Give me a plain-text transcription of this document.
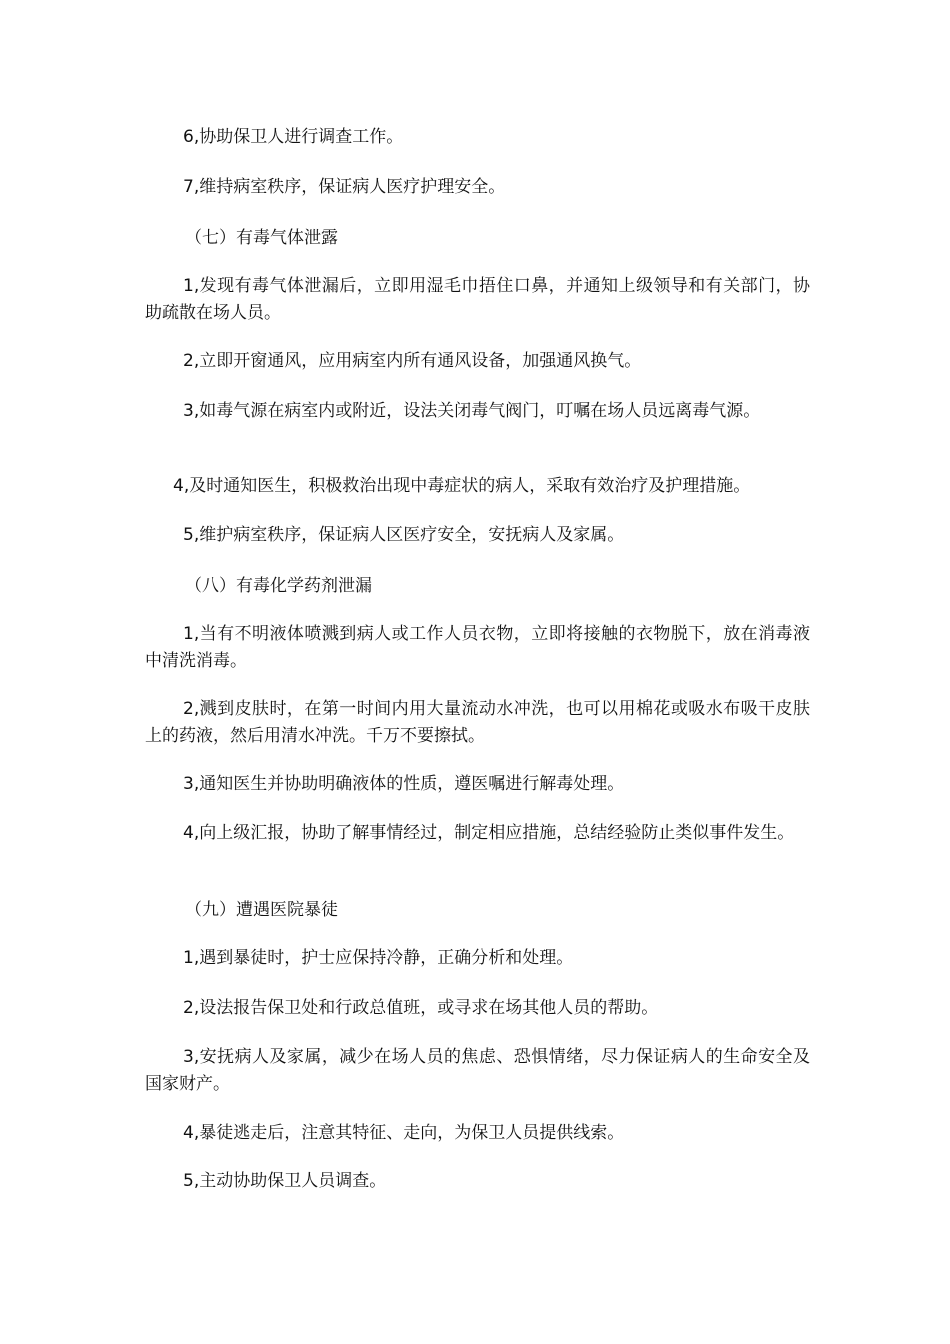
6,协助保卫人进行调查工作。

7,维持病室秩序，保证病人医疗护理安全。

（七）有毒气体泄露

1,发现有毒气体泄漏后，立即用湿毛巾捂住口鼻，并通知上级领导和有关部门，协助疏散在场人员。

2,立即开窗通风，应用病室内所有通风设备，加强通风换气。

3,如毒气源在病室内或附近，设法关闭毒气阀门，叮嘱在场人员远离毒气源。

4,及时通知医生，积极救治出现中毒症状的病人，采取有效治疗及护理措施。

5,维护病室秩序，保证病人区医疗安全，安抚病人及家属。

（八）有毒化学药剂泄漏

1,当有不明液体喷溅到病人或工作人员衣物，立即将接触的衣物脱下，放在消毒液中清洗消毒。

2,溅到皮肤时，在第一时间内用大量流动水冲洗，也可以用棉花或吸水布吸干皮肤上的药液，然后用清水冲洗。千万不要擦拭。

3,通知医生并协助明确液体的性质，遵医嘱进行解毒处理。

4,向上级汇报，协助了解事情经过，制定相应措施，总结经验防止类似事件发生。

（九）遭遇医院暴徒

1,遇到暴徒时，护士应保持冷静，正确分析和处理。

2,设法报告保卫处和行政总值班，或寻求在场其他人员的帮助。

3,安抚病人及家属，减少在场人员的焦虑、恐惧情绪，尽力保证病人的生命安全及国家财产。

4,暴徒逃走后，注意其特征、走向，为保卫人员提供线索。

5,主动协助保卫人员调查。
